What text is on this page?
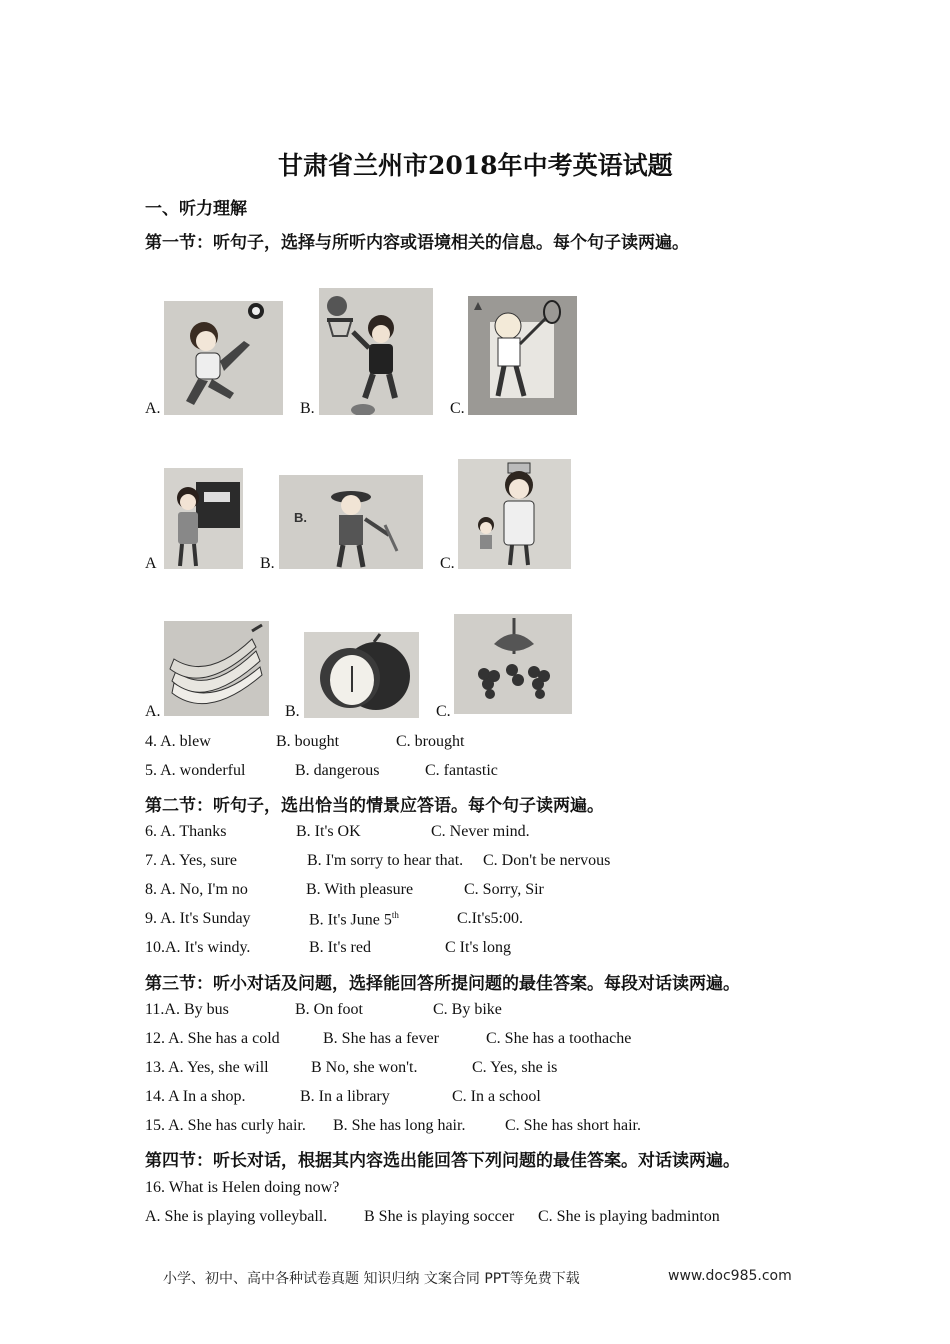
甘肃省兰州市2018年中考英语试题
一、听力理解
第一节：听句子，选择与所听内容或语境相关的信息。每个句子读两遍。
A.	B.	C.
A	B.
B.
C.
A.	B.	C.
4. A. blew	B. bought	C. brought
5. A. wonderful	B. dangerous	C. fantastic
第二节：听句子，选出恰当的情景应答语。每个句子读两遍。
6. A. Thanks	B. It's OK	C. Never mind.
7. A. Yes, sure	B. I'm sorry to hear that. C. Don't be nervous
8. A. No, I'm no	B. With pleasure	C. Sorry, Sir
9. A. It's Sunday	B. It's June 5th	C.It's5:00.
10.A. It's windy.	B. It's red	C It's long
第三节：听小对话及问题，选择能回答所提问题的最佳答案。每段对话读两遍。
11.A. By bus	B. On foot	C. By bike
12. A. She has a cold	B. She has a fever	C. She has a toothache
13. A. Yes, she will	B No, she won't.	C. Yes, she is
14. A In a shop.	B. In a library	C. In a school
15. A. She has curly hair. B. She has long hair. C. She has short hair.
第四节：听长对话，根据其内容选出能回答下列问题的最佳答案。对话读两遍。
16. What is Helen doing now?
A. She is playing volleyball. B She is playing soccer C. She is playing badminton
小学、初中、高中各种试卷真题 知识归纳 文案合同 PPT等免费下载	www.doc985.com
